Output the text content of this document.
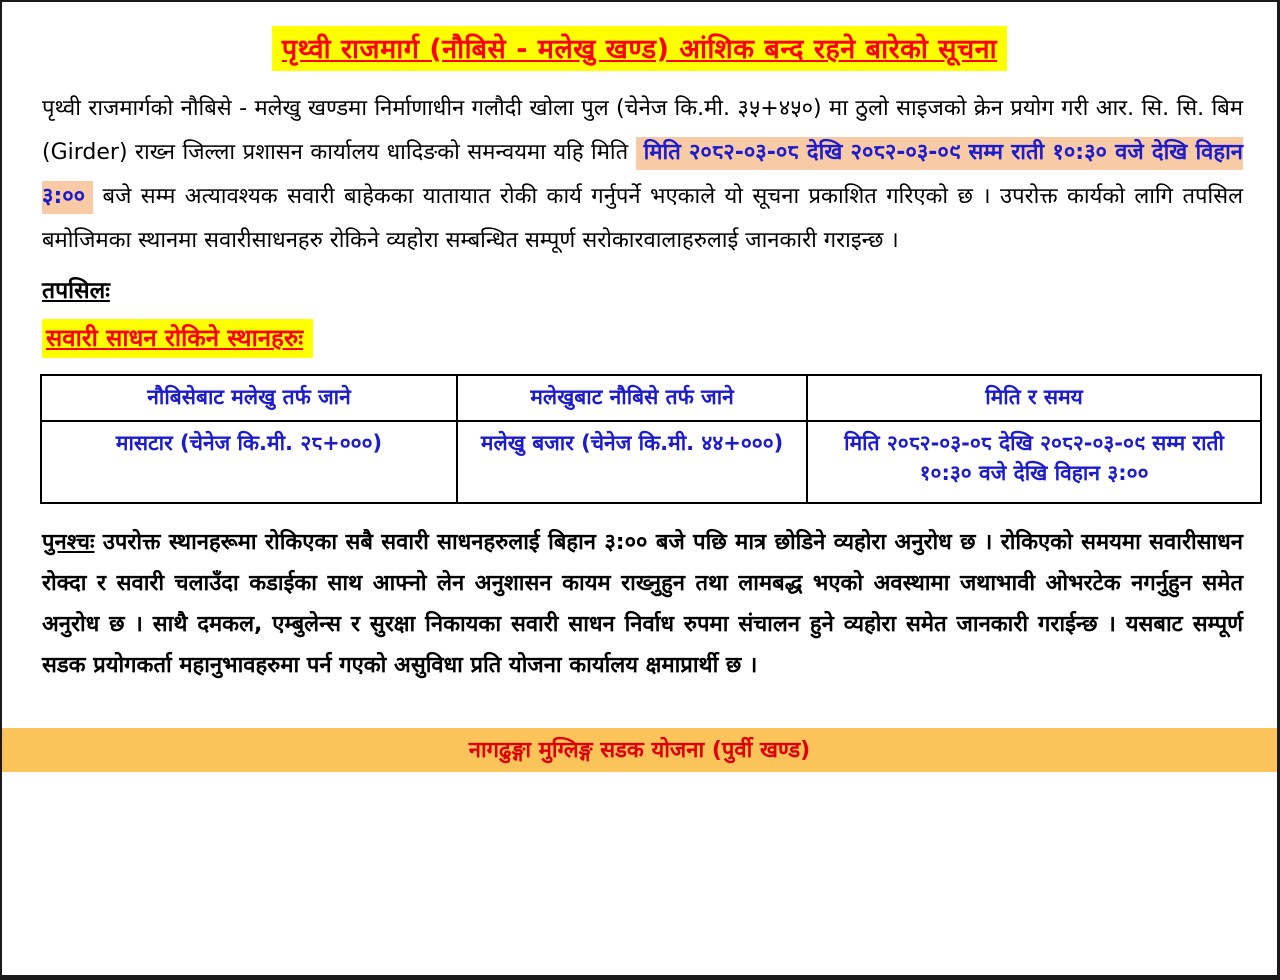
पृथ्वी राजमार्ग (नौबिसे - मलेखु खण्ड) आंशिक बन्द रहने बारेको सूचना

पृथ्वी राजमार्गको नौबिसे - मलेखु खण्डमा निर्माणाधीन गलौदी खोला पुल (चेनेज कि.मी. ३५+४५०) मा ठुलो साइजको क्रेन प्रयोग गरी आर. सि. सि. बिम (Girder) राख्न जिल्ला प्रशासन कार्यालय धादिङको समन्वयमा यहि मिति मिति २०८२-०३-०८ देखि २०८२-०३-०९ सम्म राती १०:३० वजे देखि विहान ३:०० बजे सम्म अत्यावश्यक सवारी बाहेकका यातायात रोकी कार्य गर्नुपर्ने भएकाले यो सूचना प्रकाशित गरिएको छ । उपरोक्त कार्यको लागि तपसिल बमोजिमका स्थानमा सवारीसाधनहरु रोकिने व्यहोरा सम्बन्धित सम्पूर्ण सरोकारवालाहरुलाई जानकारी गराइन्छ ।

तपसिलः
सवारी साधन रोकिने स्थानहरुः
नौबिसेबाट मलेखु तर्फ जाने	मलेखुबाट नौबिसे तर्फ जाने	मिति र समय
मासटार (चेनेज कि.मी. २८+०००)	मलेखु बजार (चेनेज कि.मी. ४४+०००)	मिति २०८२-०३-०८ देखि २०८२-०३-०९ सम्म राती १०:३० वजे देखि विहान ३:००

पुनश्चः उपरोक्त स्थानहरूमा रोकिएका सबै सवारी साधनहरुलाई बिहान ३:०० बजे पछि मात्र छोडिने व्यहोरा अनुरोध छ । रोकिएको समयमा सवारीसाधन रोक्दा र सवारी चलाउँदा कडाईका साथ आफ्नो लेन अनुशासन कायम राख्नुहुन तथा लामबद्ध भएको अवस्थामा जथाभावी ओभरटेक नगर्नुहुन समेत अनुरोध छ । साथै दमकल, एम्बुलेन्स र सुरक्षा निकायका सवारी साधन निर्वाध रुपमा संचालन हुने व्यहोरा समेत जानकारी गराईन्छ । यसबाट सम्पूर्ण सडक प्रयोगकर्ता महानुभावहरुमा पर्न गएको असुविधा प्रति योजना कार्यालय क्षमाप्रार्थी छ ।

नागढुङ्गा मुग्लिङ्ग सडक योजना (पुर्वी खण्ड)
